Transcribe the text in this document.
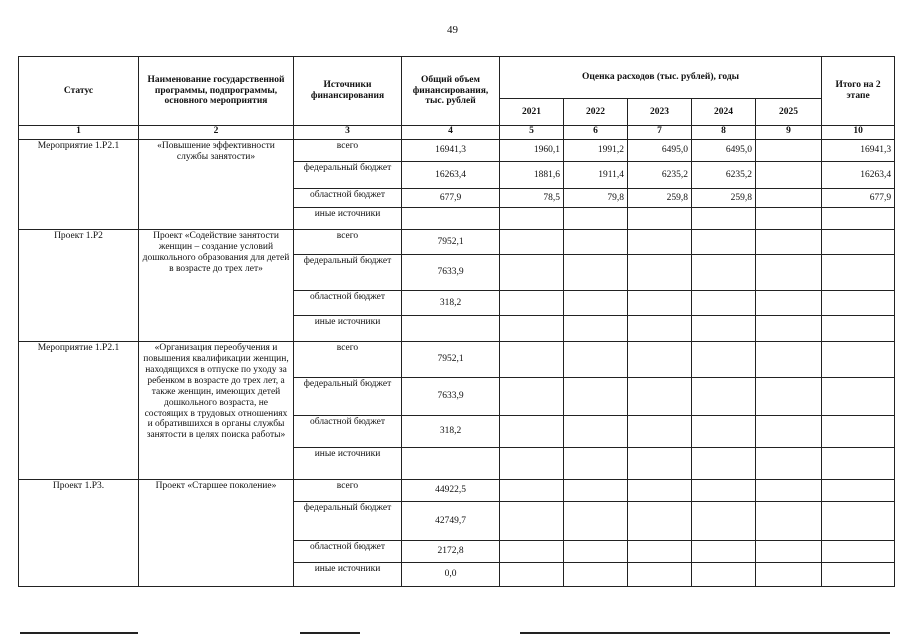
49
Статус	Наименование государственной программы, подпрограммы, основного мероприятия	Источники финансирования	Общий объем финансирования, тыс. рублей	Оценка расходов (тыс. рублей), годы					Итого на 2 этапе
				2021	2022	2023	2024	2025	
1	2	3	4	5	6	7	8	9	10
Мероприятие 1.Р2.1	«Повышение эффективности службы занятости»	всего	16941,3	1960,1	1991,2	6495,0	6495,0		16941,3
		федеральный бюджет	16263,4	1881,6	1911,4	6235,2	6235,2		16263,4
		областной бюджет	677,9	78,5	79,8	259,8	259,8		677,9
		иные источники							
Проект 1.Р2	Проект «Содействие занятости женщин – создание условий дошкольного образования для детей в возрасте до трех лет»	всего	7952,1						
		федеральный бюджет	7633,9						
		областной бюджет	318,2						
		иные источники							
Мероприятие 1.Р2.1	«Организация переобучения и повышения квалификации женщин, находящихся в отпуске по уходу за ребенком в возрасте до трех лет, а также женщин, имеющих детей дошкольного возраста, не состоящих в трудовых отношениях и обратившихся в органы службы занятости в целях поиска работы»	всего	7952,1						
		федеральный бюджет	7633,9						
		областной бюджет	318,2						
		иные источники							
Проект 1.Р3.	Проект «Старшее поколение»	всего	44922,5						
		федеральный бюджет	42749,7						
		областной бюджет	2172,8						
		иные источники	0,0						
